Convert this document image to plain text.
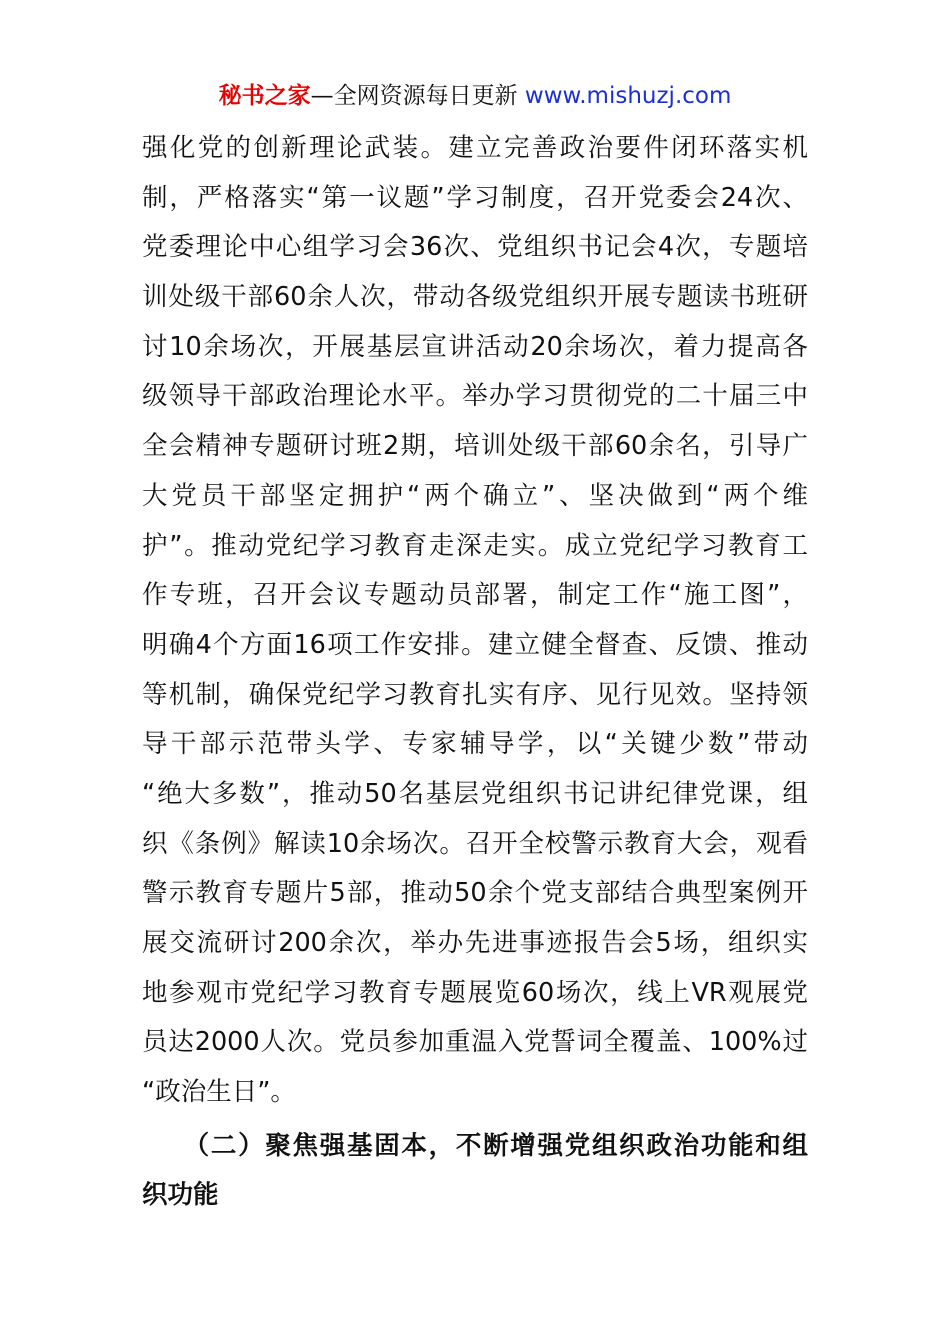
秘书之家—全网资源每日更新 www.mishuzj.com
强化党的创新理论武装。建立完善政治要件闭环落实机
制，严格落实“第一议题”学习制度，召开党委会24次、
党委理论中心组学习会36次、党组织书记会4次，专题培
训处级干部60余人次，带动各级党组织开展专题读书班研
讨10余场次，开展基层宣讲活动20余场次，着力提高各
级领导干部政治理论水平。举办学习贯彻党的二十届三中
全会精神专题研讨班2期，培训处级干部60余名，引导广
大党员干部坚定拥护“两个确立”、坚决做到“两个维
护”。推动党纪学习教育走深走实。成立党纪学习教育工
作专班，召开会议专题动员部署，制定工作“施工图”，
明确4个方面16项工作安排。建立健全督查、反馈、推动
等机制，确保党纪学习教育扎实有序、见行见效。坚持领
导干部示范带头学、专家辅导学，以“关键少数”带动
“绝大多数”，推动50名基层党组织书记讲纪律党课，组
织《条例》解读10余场次。召开全校警示教育大会，观看
警示教育专题片5部，推动50余个党支部结合典型案例开
展交流研讨200余次，举办先进事迹报告会5场，组织实
地参观市党纪学习教育专题展览60场次，线上VR观展党
员达2000人次。党员参加重温入党誓词全覆盖、100%过
“政治生日”。
　　（二）聚焦强基固本，不断增强党组织政治功能和组
织功能
